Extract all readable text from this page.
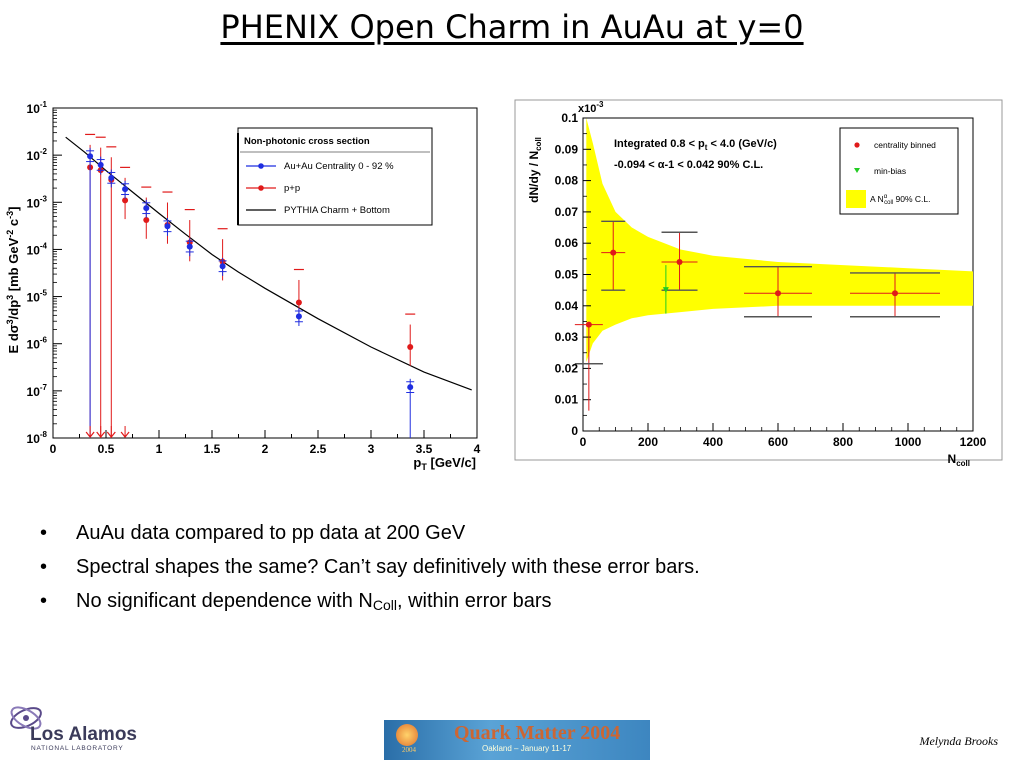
PHENIX Open Charm in AuAu at y=0
0	0.5	1	1.5	2	2.5	3	3.5	4
$10^{-1}$
$10^{-2}$
$10^{-3}$
$10^{-4}$
$10^{-5}$
$10^{-6}$
$10^{-7}$
$10^{-8}$
$p_T$ [GeV/c]
E $d\sigma^3/dp^3$ [mb GeV$^{-2}$ $c^{-3}$]
Non-photonic cross section
Au+Au Centrality 0 - 92 %
p+p
PYTHIA Charm + Bottom
0	200	400	600	800	1000	1200
0
0.01
0.02
0.03
0.04
0.05
0.06
0.07
0.08
0.09
0.1
$x10^{-3}$
$N_{coll}$
$dN/dy / N_{coll}$	Integrated $0.8 < p_t < 4.0$ (GeV/c)
-0.094 < α-1 < 0.042 90% C.L.
centrality binned
min-bias
A $N^\alpha$ coll 90% C.L.
• AuAu data compared to pp data at 200 GeV
• Spectral shapes the same? Can’t say definitively with these error bars.
• No significant dependence with $N_{Coll}$, within error bars
Los Alamos
NATIONAL LABORATORY	2004
Quark Matter 2004
Oakland – January 11-17
Melynda Brooks
